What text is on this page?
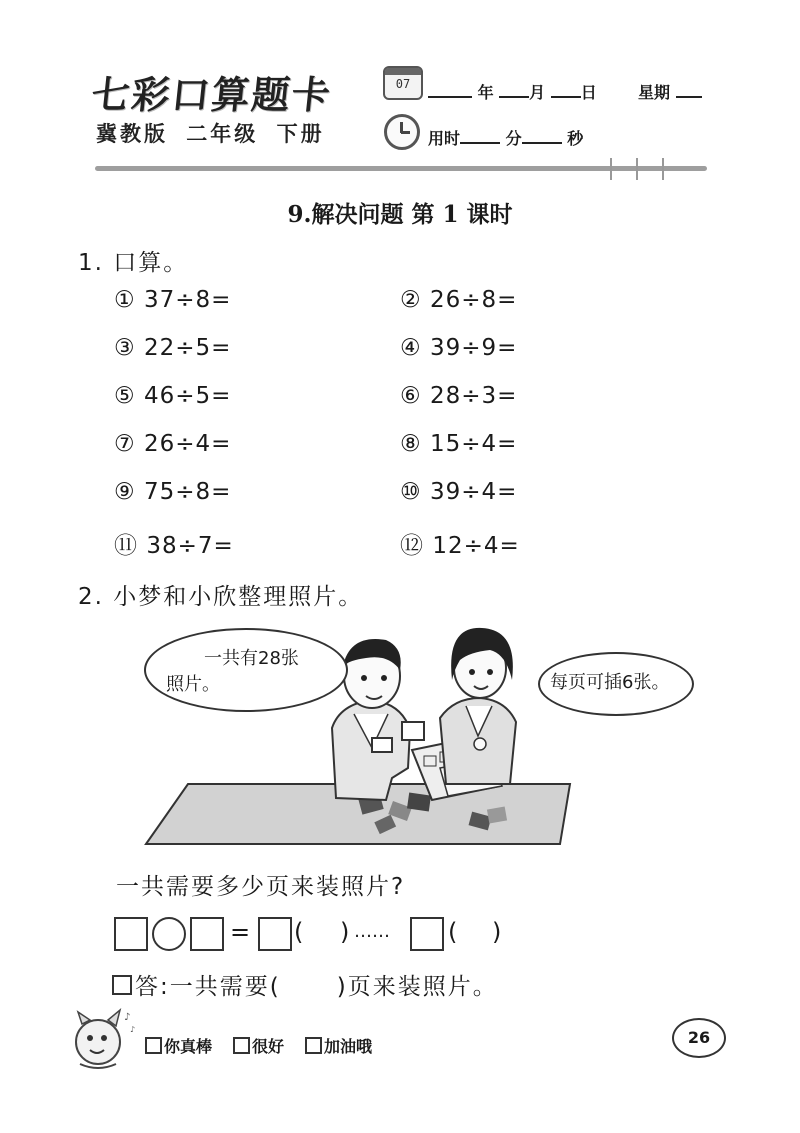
七彩口算题卡
冀教版 二年级 下册
07	年 月 日	星期
用时	分	秒
9.解决问题 第 1 课时
1. 口算。
① 37÷8=	② 26÷8=
③ 22÷5=	④ 39÷9=
⑤ 46÷5=	⑥ 28÷3=
⑦ 26÷4=	⑧ 15÷4=
⑨ 75÷8=	⑩ 39÷4=
⑪ 38÷7=	⑫ 12÷4=
2. 小梦和小欣整理照片。
一共有28张
照片。	每页可插6张。
一共需要多少页来装照片?
= ( ) …… ( )
答:一共需要( )页来装照片。
♪
♪
你真棒	很好	加油哦	26
